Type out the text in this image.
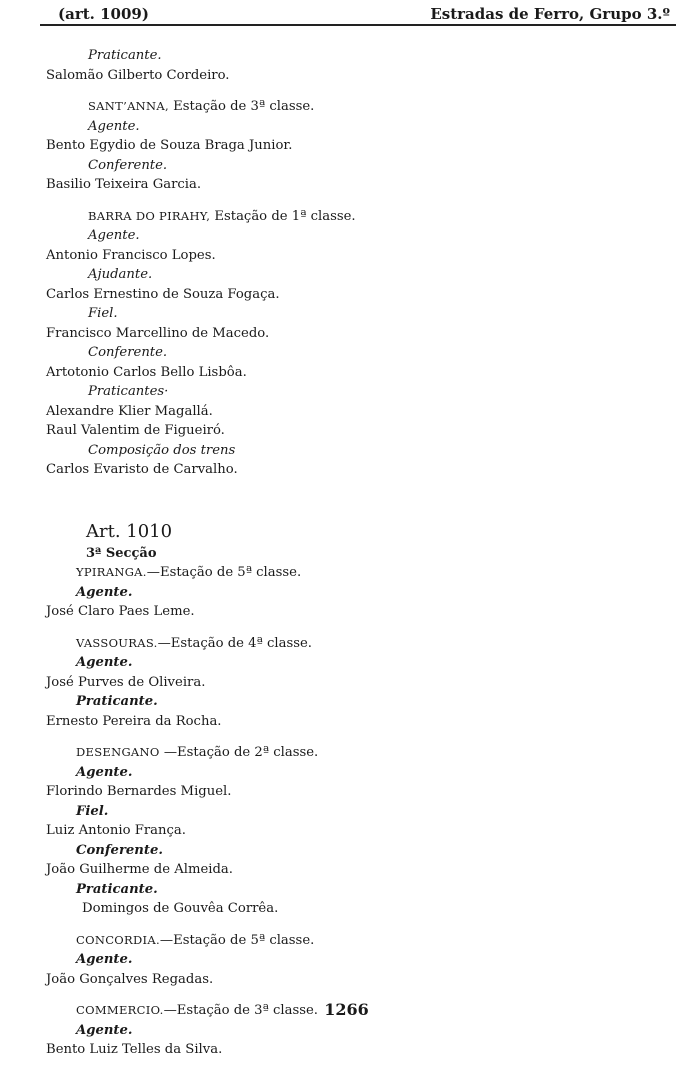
(art. 1009)	Estradas de Ferro, Grupo 3.º
Praticante.
Salomão Gilberto Cordeiro.
SANT’ANNA, Estação de 3ª classe.
Agente.
Bento Egydio de Souza Braga Junior.
Conferente.
Basilio Teixeira Garcia.
BARRA DO PIRAHY, Estação de 1ª classe.
Agente.
Antonio Francisco Lopes.
Ajudante.
Carlos Ernestino de Souza Fogaça.
Fiel.
Francisco Marcellino de Macedo.
Conferente.
Artotonio Carlos Bello Lisbôa.
Praticantes·
Alexandre Klier Magallá.
Raul Valentim de Figueiró.
Composição dos trens
Carlos Evaristo de Carvalho.
Art. 1010
3ª Secção
YPIRANGA.—Estação de 5ª classe.
Agente.
José Claro Paes Leme.
VASSOURAS.—Estação de 4ª classe.
Agente.
José Purves de Oliveira.
Praticante.
Ernesto Pereira da Rocha.
DESENGANO —Estação de 2ª classe.
Agente.
Florindo Bernardes Miguel.
Fiel.
Luiz Antonio França.
Conferente.
João Guilherme de Almeida.
Praticante.
Domingos de Gouvêa Corrêa.
CONCORDIA.—Estação de 5ª classe.
Agente.
João Gonçalves Regadas.
COMMERCIO.—Estação de 3ª classe.
Agente.
Bento Luiz Telles da Silva.
1266
